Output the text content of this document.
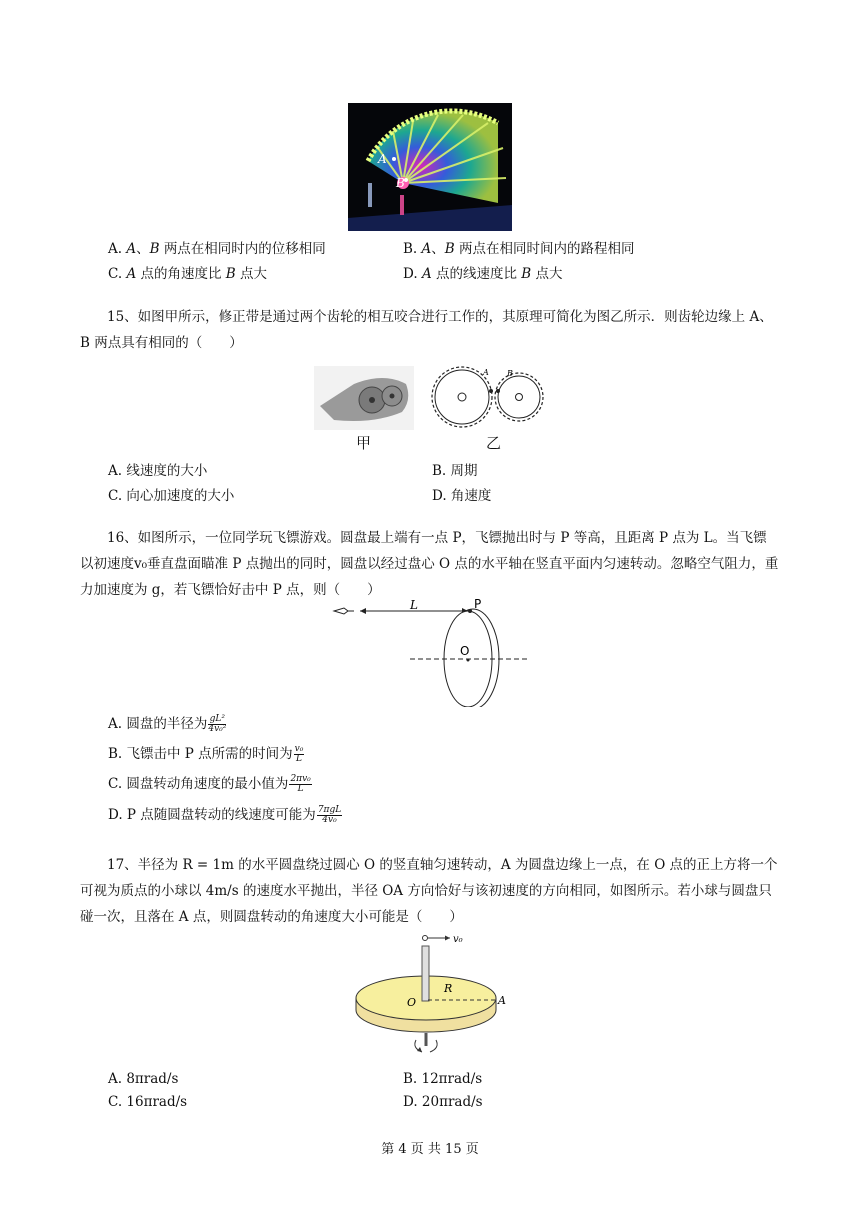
A
B
A. A、B 两点在相同时内的位移相同	B. A、B 两点在相同时间内的路程相同
C. A 点的角速度比 B 点大	D. A 点的线速度比 B 点大
15、如图甲所示，修正带是通过两个齿轮的相互咬合进行工作的，其原理可简化为图乙所示．则齿轮边缘上 A、B 两点具有相同的（　　）
甲
A B
乙
A. 线速度的大小	B. 周期
C. 向心加速度的大小	D. 角速度
16、如图所示，一位同学玩飞镖游戏。圆盘最上端有一点 P，飞镖抛出时与 P 等高，且距离 P 点为 L。当飞镖以初速度v₀垂直盘面瞄准 P 点抛出的同时，圆盘以经过盘心 O 点的水平轴在竖直平面内匀速转动。忽略空气阻力，重力加速度为 g，若飞镖恰好击中 P 点，则（　　）
L	P
O
A. 圆盘的半径为 $\frac{\text{gL²}}{\text{4v₀²}}$
B. 飞镖击中 P 点所需的时间为 $\frac{\text{v₀}}{L}$
C. 圆盘转动角速度的最小值为 $\frac{\text{2πv₀}}{L}$
D. P 点随圆盘转动的线速度可能为 $\frac{\text{7πgL}}{\text{4v₀}}$
17、半径为 R = 1m 的水平圆盘绕过圆心 O 的竖直轴匀速转动，A 为圆盘边缘上一点，在 O 点的正上方将一个可视为质点的小球以 4m/s 的速度水平抛出，半径 OA 方向恰好与该初速度的方向相同，如图所示。若小球与圆盘只碰一次，且落在 A 点，则圆盘转动的角速度大小可能是（　　）
v₀
R
O	A
A. 8πrad/s	B. 12πrad/s
C. 16πrad/s	D. 20πrad/s
第 4 页 共 15 页
